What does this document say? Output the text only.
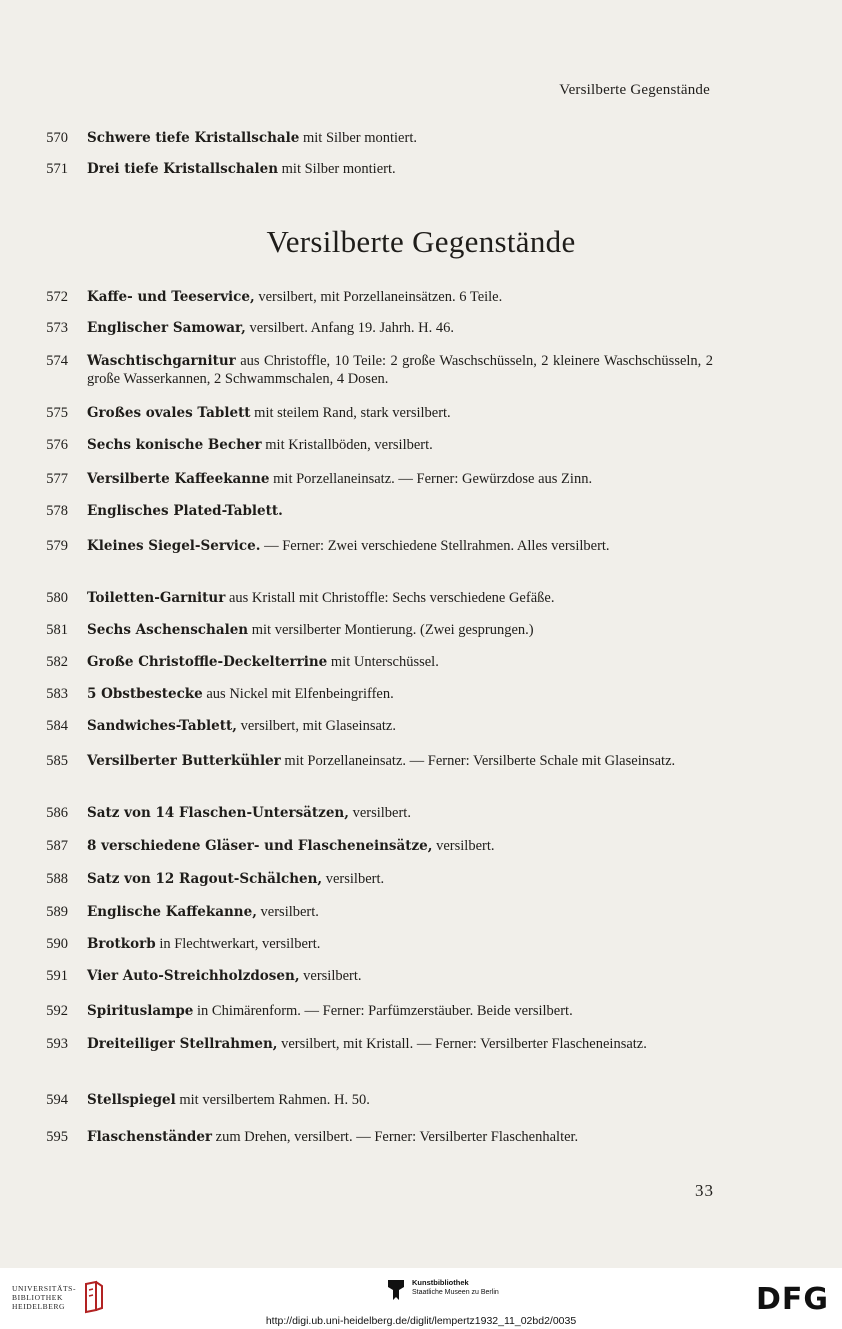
Versilberte Gegenstände
570 Schwere tiefe Kristallschale mit Silber montiert.
571 Drei tiefe Kristallschalen mit Silber montiert.
Versilberte Gegenstände
572 Kaffe- und Teeservice, versilbert, mit Porzellaneinsätzen. 6 Teile.
573 Englischer Samowar, versilbert. Anfang 19. Jahrh. H. 46.
574 Waschtischgarnitur aus Christoffle, 10 Teile: 2 große Waschschüsseln, 2 kleinere Waschschüsseln, 2 große Wasserkannen, 2 Schwammschalen, 4 Dosen.
575 Großes ovales Tablett mit steilem Rand, stark versilbert.
576 Sechs konische Becher mit Kristallböden, versilbert.
577 Versilberte Kaffeekanne mit Porzellaneinsatz. — Ferner: Gewürzdose aus Zinn.
578 Englisches Plated-Tablett.
579 Kleines Siegel-Service. — Ferner: Zwei verschiedene Stellrahmen. Alles versilbert.
580 Toiletten-Garnitur aus Kristall mit Christoffle: Sechs verschiedene Gefäße.
581 Sechs Aschenschalen mit versilberter Montierung. (Zwei gesprungen.)
582 Große Christoffle-Deckelterrine mit Unterschüssel.
583 5 Obstbestecke aus Nickel mit Elfenbeingriffen.
584 Sandwiches-Tablett, versilbert, mit Glaseinsatz.
585 Versilberter Butterkühler mit Porzellaneinsatz. — Ferner: Versilberte Schale mit Glaseinsatz.
586 Satz von 14 Flaschen-Untersätzen, versilbert.
587 8 verschiedene Gläser- und Flascheneinsätze, versilbert.
588 Satz von 12 Ragout-Schälchen, versilbert.
589 Englische Kaffekanne, versilbert.
590 Brotkorb in Flechtwerkart, versilbert.
591 Vier Auto-Streichholzdosen, versilbert.
592 Spirituslampe in Chimärenform. — Ferner: Parfümzerstäuber. Beide versilbert.
593 Dreiteiliger Stellrahmen, versilbert, mit Kristall. — Ferner: Versilberter Flascheneinsatz.
594 Stellspiegel mit versilbertem Rahmen. H. 50.
595 Flaschenständer zum Drehen, versilbert. — Ferner: Versilberter Flaschenhalter.
33
UNIVERSITÄTS-
BIBLIOTHEK
HEIDELBERG
Kunstbibliothek
Staatliche Museen zu Berlin	DFG
http://digi.ub.uni-heidelberg.de/diglit/lempertz1932_11_02bd2/0035
